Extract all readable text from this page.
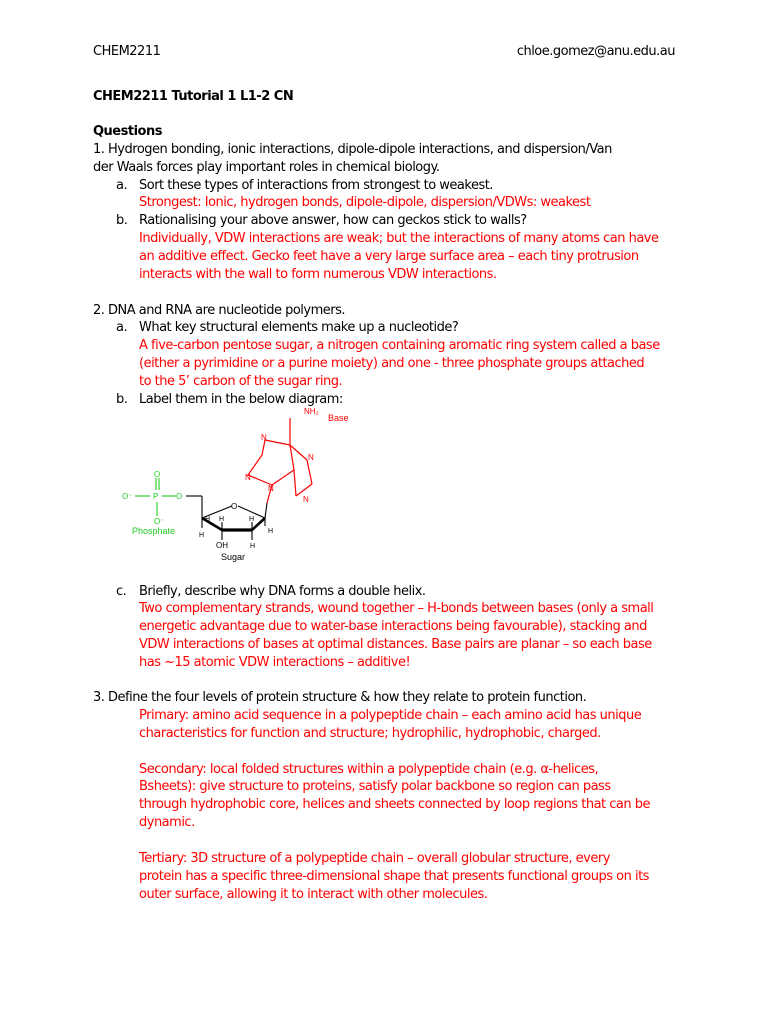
CHEM2211	chloe.gomez@anu.edu.au
CHEM2211 Tutorial 1 L1-2 CN
Questions
1. Hydrogen bonding, ionic interactions, dipole-dipole interactions, and dispersion/Van
der Waals forces play important roles in chemical biology.
a. Sort these types of interactions from strongest to weakest.
Strongest: Ionic, hydrogen bonds, dipole-dipole, dispersion/VDWs: weakest
b. Rationalising your above answer, how can geckos stick to walls?
Individually, VDW interactions are weak; but the interactions of many atoms can have
an additive effect. Gecko feet have a very large surface area – each tiny protrusion
interacts with the wall to form numerous VDW interactions.
2. DNA and RNA are nucleotide polymers.
a. What key structural elements make up a nucleotide?
A five-carbon pentose sugar, a nitrogen containing aromatic ring system called a base
(either a pyrimidine or a purine moiety) and one - three phosphate groups attached
to the 5’ carbon of the sugar ring.
b. Label them in the below diagram:
NH₂
Base
N
N
N
N
N
O
O⁻	P O
O⁻
Phosphate
O
H H	H
H
H
H
OH
Sugar
c. Briefly, describe why DNA forms a double helix.
Two complementary strands, wound together – H-bonds between bases (only a small
energetic advantage due to water-base interactions being favourable), stacking and
VDW interactions of bases at optimal distances. Base pairs are planar – so each base
has ~15 atomic VDW interactions – additive!
3. Define the four levels of protein structure & how they relate to protein function.
Primary: amino acid sequence in a polypeptide chain – each amino acid has unique
characteristics for function and structure; hydrophilic, hydrophobic, charged.
Secondary: local folded structures within a polypeptide chain (e.g. α-helices,
Bsheets): give structure to proteins, satisfy polar backbone so region can pass
through hydrophobic core, helices and sheets connected by loop regions that can be
dynamic.
Tertiary: 3D structure of a polypeptide chain – overall globular structure, every
protein has a specific three-dimensional shape that presents functional groups on its
outer surface, allowing it to interact with other molecules.
